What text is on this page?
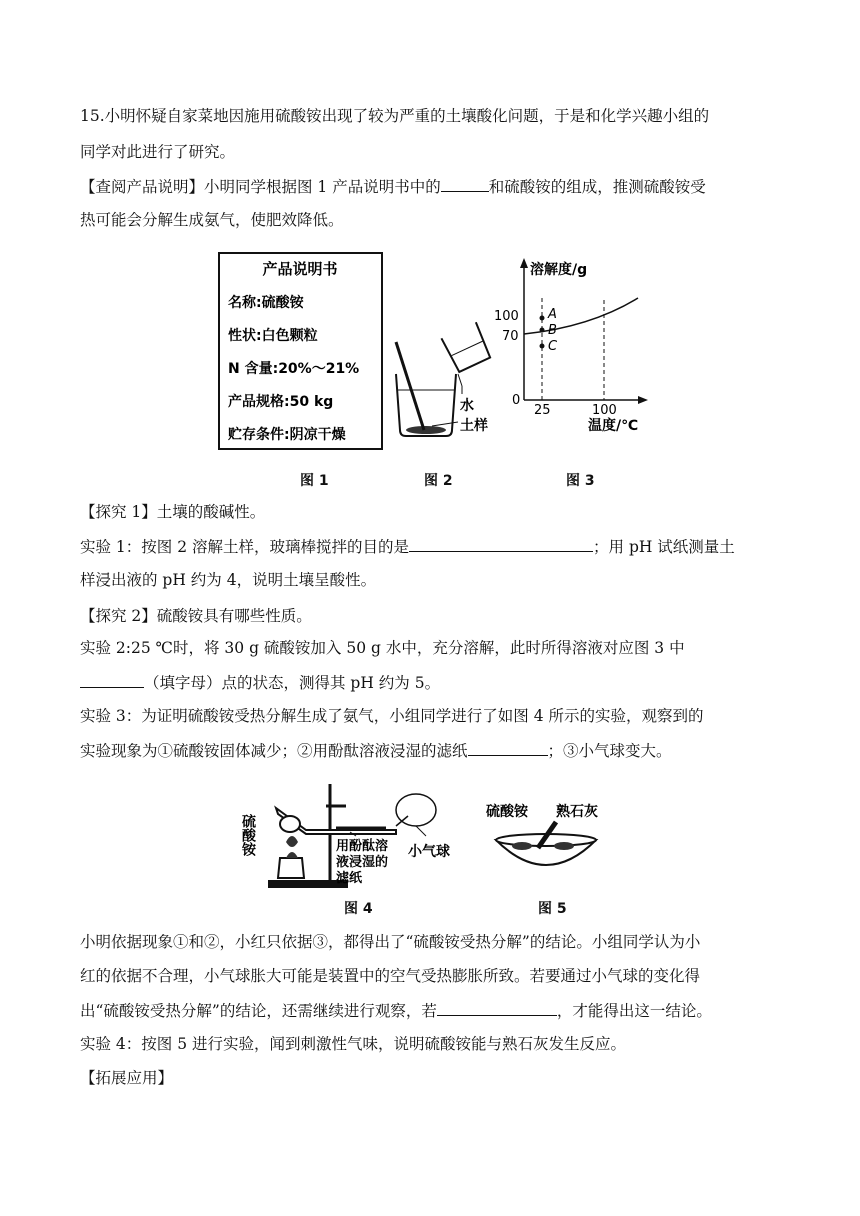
15.小明怀疑自家菜地因施用硫酸铵出现了较为严重的土壤酸化问题，于是和化学兴趣小组的
同学对此进行了研究。
【查阅产品说明】小明同学根据图 1 产品说明书中的	和硫酸铵的组成，推测硫酸铵受
热可能会分解生成氨气，使肥效降低。
产品说明书
名称:硫酸铵
性状:白色颗粒
N 含量:20%～21%
产品规格:50 kg
贮存条件:阴凉干燥
图 1
水
土样
图 2
溶解度/g
100
70
0
A
B
C
25	100
温度/℃
图 3
【探究 1】土壤的酸碱性。
实验 1：按图 2 溶解土样，玻璃棒搅拌的目的是	；用 pH 试纸测量土
样浸出液的 pH 约为 4，说明土壤呈酸性。
【探究 2】硫酸铵具有哪些性质。
实验 2:25 ℃时，将 30 g 硫酸铵加入 50 g 水中，充分溶解，此时所得溶液对应图 3 中
（填字母）点的状态，测得其 pH 约为 5。
实验 3：为证明硫酸铵受热分解生成了氨气，小组同学进行了如图 4 所示的实验，观察到的
实验现象为①硫酸铵固体减少；②用酚酞溶液浸湿的滤纸	；③小气球变大。
硫酸铵	用酚酞溶
液浸湿的
滤纸
小气球
图 4
硫酸铵 熟石灰
图 5
小明依据现象①和②，小红只依据③，都得出了“硫酸铵受热分解”的结论。小组同学认为小
红的依据不合理，小气球胀大可能是装置中的空气受热膨胀所致。若要通过小气球的变化得
出“硫酸铵受热分解”的结论，还需继续进行观察，若	，才能得出这一结论。
实验 4：按图 5 进行实验，闻到刺激性气味，说明硫酸铵能与熟石灰发生反应。
【拓展应用】
